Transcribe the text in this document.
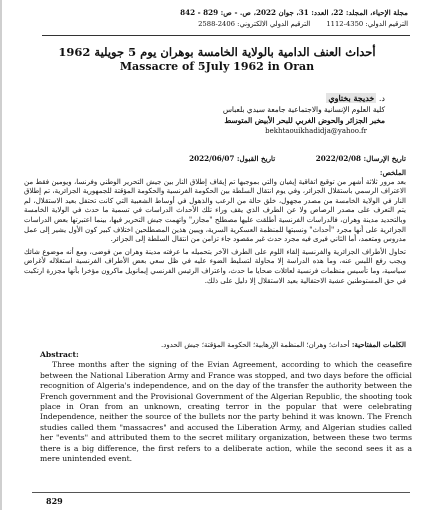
مجلة الإحياء، المجلد: 22، العدد: 31، جوان 2022، ص. - ص: 829 - 842
الترقيم الدولي: 4350-1112 الترقيم الدولي الالكتروني: 2406-2588
أحداث العنف الدامية بالولاية الخامسة بوهران يوم 5 جويلية 1962
Massacre of 5July 1962 in Oran
د. خديجة بختاوي
كلية العلوم الإنسانية والاجتماعية جامعة سيدي بلعباس
مخبر الجزائر والحوض الغربي للبحر الأبيض المتوسط
bekhtaouikhadidja@yahoo.fr
تاريخ الإرسال: 2022/02/08 تاريخ القبول: 2022/06/07
الملخص:
بعد مرور ثلاثة أشهر من توقيع اتفاقية إيفيان والتي بموجبها تم إيقاف إطلاق النار بين جيش التحرير الوطني وفرنسا، ويومين فقط من الاعتراف الرسمي باستقلال الجزائر، وفي يوم انتقال السلطة بين الحكومة الفرنسية والحكومة المؤقتة للجمهورية الجزائرية، تم إطلاق النار في الولاية الخامسة من مصدر مجهول، خلق حالة من الرعب والذهول في أوساط الشعبية التي كانت تحتفل بعيد الاستقلال، لم يتم التعرف على مصدر الرصاص ولا عن الطرف الذي يقف وراء تلك الأحداث الدراسات في تسمية ما حدث في الولاية الخامسة وبالتحديد مدينة وهران، فالدراسات الفرنسية أطلقت عليها مصطلح "مجازر" واتهمت جيش التحرير فيها، بينما اعتبرتها بعض الدراسات الجزائرية على أنها مجرد "أحداث" ونسبتها للمنظمة العسكرية السرية، ويبين هذين المصطلحين اختلاف كبير كون الأول يشير إلى عمل مدروس ومتعمد، أما الثاني فيرى فيه مجرد حدث غير مقصود جاء تزامن من انتقال السلطة إلى الجزائر.
تحاول الأطراف الجزائرية والفرنسية إلقاء اللوم على الطرف الآخر بتحميله ما عرفته مدينة وهران من فوضى، ومع أنه موضوع شائك ويجب رفع اللبس عنه، وما هذه الدراسة إلا محاولة لتسليط الضوء عليه في ظل سعي بعض الأطراف الفرنسية استغلاله لأغراض سياسية، وما تأسيس منظمات فرنسية لعائلات ضحايا ما حدث، واعتراف الرئيس الفرنسي إيمانويل ماكرون مؤخرا بأنها مجزرة ارتكبت في حق المستوطنين عشية الاحتفالية بعيد الاستقلال إلا دليل على ذلك.
الكلمات المفتاحية: أحداث؛ وهران؛ المنظمة الإرهابية؛ الحكومة المؤقتة؛ جيش الحدود.
Abstract:
Three months after the signing of the Evian Agreement, according to which the ceasefire between the National Liberation Army and France was stopped, and two days before the official recognition of Algeria's independence, and on the day of the transfer the authority between the French government and the Provisional Government of the Algerian Republic, the shooting took place in Oran from an unknown, creating terror in the popular that were celebrating Independence, neither the source of the bullets nor the party behind it was known. The French studies called them "massacres" and accused the Liberation Army, and Algerian studies called her "events" and attributed them to the secret military organization, between these two terms there is a big difference, the first refers to a deliberate action, while the second sees it as a mere unintended event.
829
